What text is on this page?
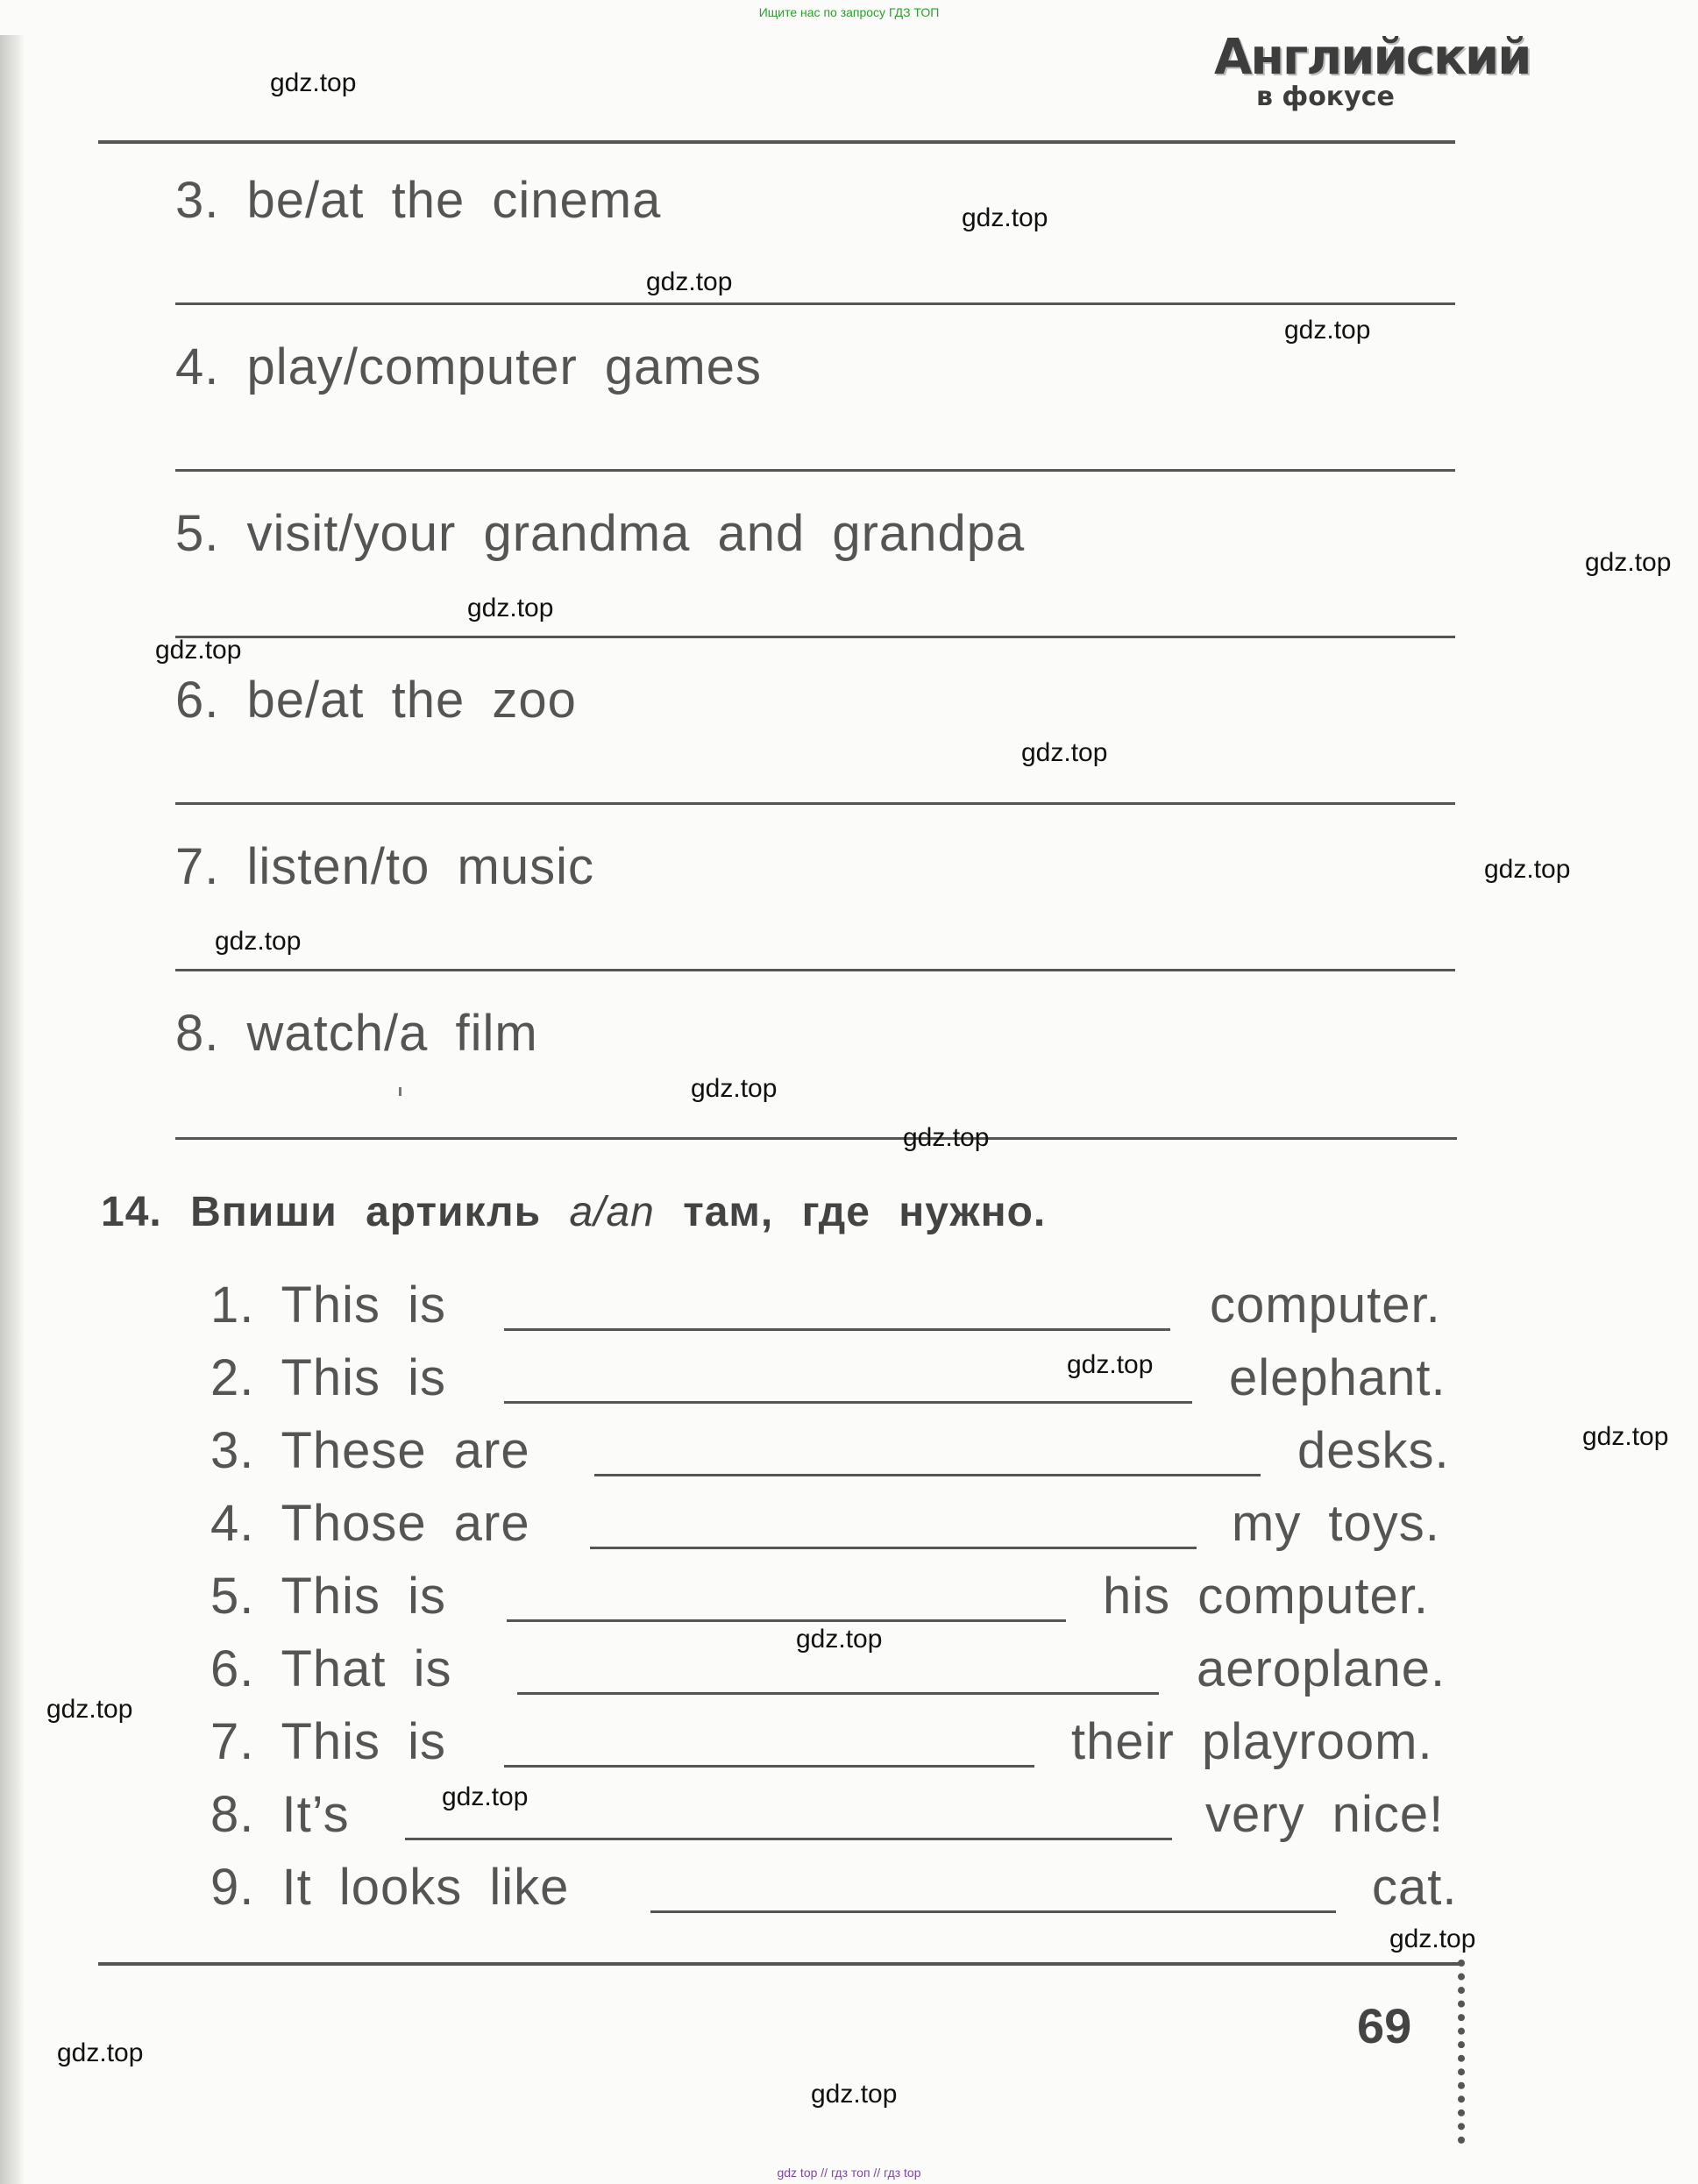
Ищите нас по запросу ГДЗ ТОП
Английский
в фокусе
3. be/at the cinema
4. play/computer games
5. visit/your grandma and grandpa
6. be/at the zoo
7. listen/to music
8. watch/a film
14. Впиши артикль a/an там, где нужно.
1. This is	computer.
2. This is	elephant.
3. These are	desks.
4. Those are	my toys.
5. This is	his computer.
6. That is	aeroplane.
7. This is	their playroom.
8. It’s	very nice!
9. It looks like	cat.
69
gdz.top
gdz.top
gdz.top
gdz.top
gdz.top
gdz.top
gdz.top
gdz.top
gdz.top
gdz.top
gdz.top
gdz.top
gdz.top
gdz.top
gdz.top
gdz.top
gdz.top
gdz.top
gdz.top
gdz.top
gdz top // гдз топ // гдз top
